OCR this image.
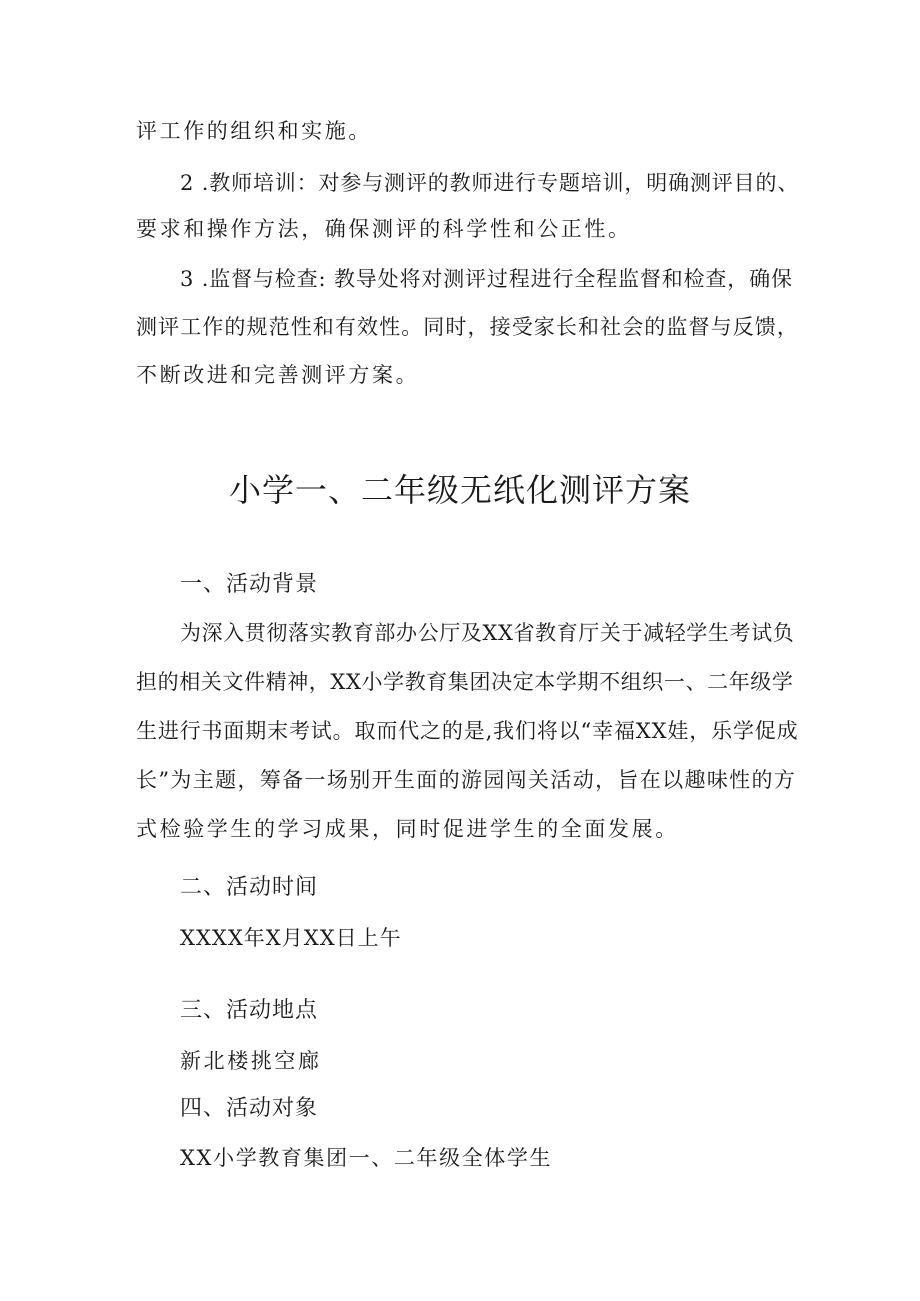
评工作的组织和实施。
2 .教师培训：对参与测评的教师进行专题培训，明确测评目的、
要求和操作方法，确保测评的科学性和公正性。
3 .监督与检查: 教导处将对测评过程进行全程监督和检查，确保
测评工作的规范性和有效性。同时，接受家长和社会的监督与反馈，
不断改进和完善测评方案。
小学一、二年级无纸化测评方案
一、活动背景
为深入贯彻落实教育部办公厅及XX省教育厅关于减轻学生考试负
担的相关文件精神，XX小学教育集团决定本学期不组织一、二年级学
生进行书面期末考试。取而代之的是,我们将以“幸福XX娃，乐学促成
长”为主题，筹备一场别开生面的游园闯关活动，旨在以趣味性的方
式检验学生的学习成果，同时促进学生的全面发展。
二、活动时间
XXXX年X月XX日上午
三、活动地点
新北楼挑空廊
四、活动对象
XX小学教育集团一、二年级全体学生
